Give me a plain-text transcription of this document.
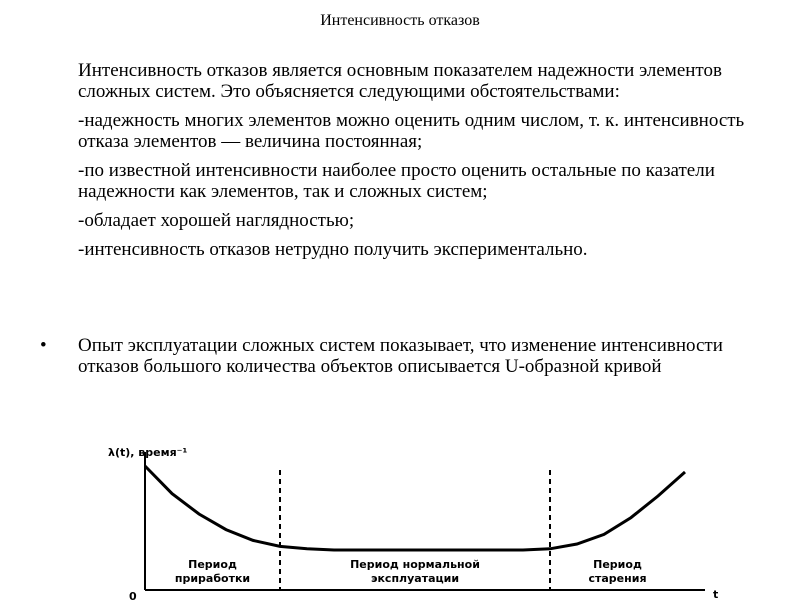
Интенсивность отказов

Интенсивность отказов является основным показателем надежности элементов сложных систем. Это объясняется следующими обстоятельствами:

-надежность многих элементов можно оценить одним числом, т. к. интенсивность отказа элементов — величина постоянная;

-по известной интенсивности наиболее просто оценить остальные по казатели надежности как элементов, так и сложных систем;

-обладает хорошей наглядностью;

-интенсивность отказов нетрудно получить экспериментально.

•	Опыт эксплуатации сложных систем показывает, что изменение интенсивности отказов большого количества объектов описывается U-образной кривой
λ(t), время⁻¹
t
0
Период
приработки
Период нормальной
эксплуатации
Период
старения
